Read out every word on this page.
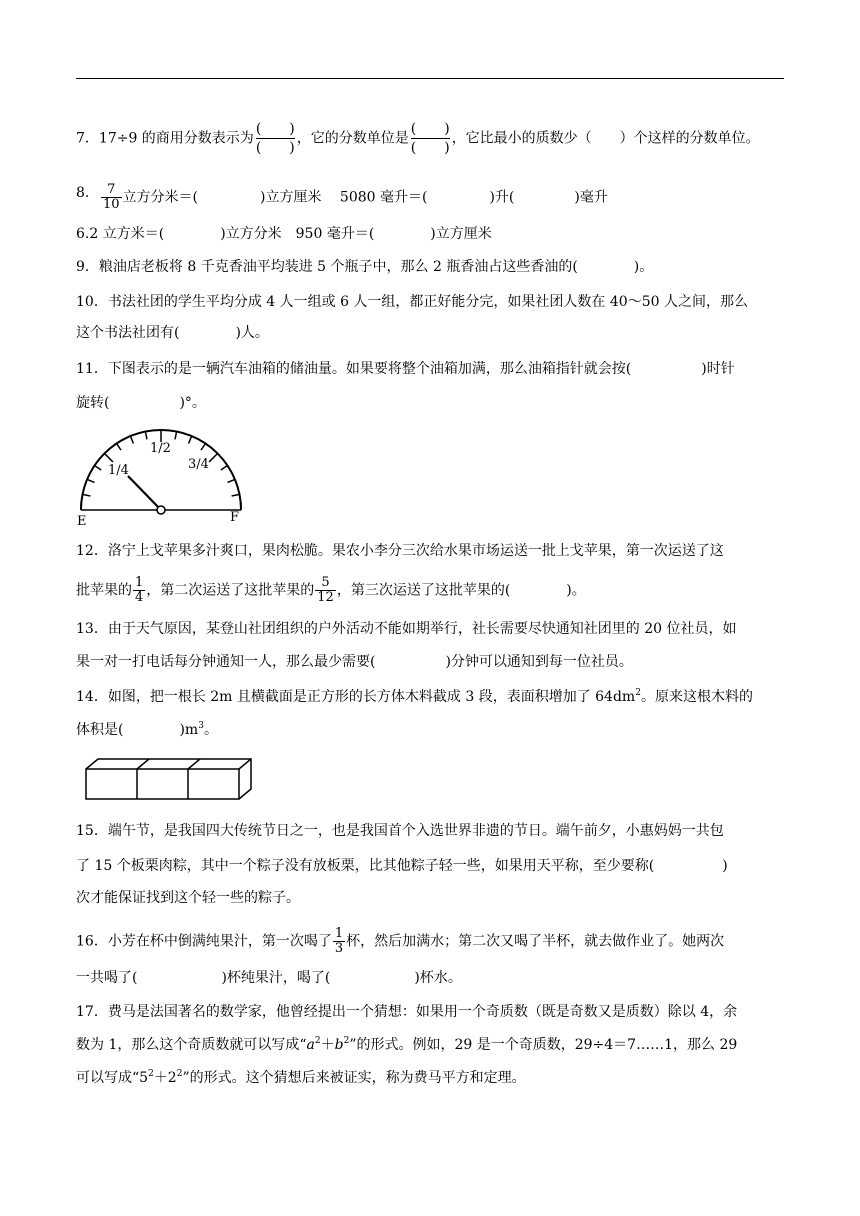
7．17÷9 的商用分数表示为 $\frac{( )}{( )}$ ，它的分数单位是 $\frac{( )}{( )}$ ，它比最小的质数少（　　）个这样的分数单位。
$\frac{7}{10}$ 立方分米＝(	)立方厘米　 5080 毫升＝(	)升(	)毫升
8．
6.2 立方米＝(	)立方分米　950 毫升＝(	)立方厘米
9．粮油店老板将 8 千克香油平均装进 5 个瓶子中，那么 2 瓶香油占这些香油的(　　　　)。
10．书法社团的学生平均分成 4 人一组或 6 人一组，都正好能分完，如果社团人数在 40～50 人之间，那么
这个书法社团有(　　　　)人。
11．下图表示的是一辆汽车油箱的储油量。如果要将整个油箱加满，那么油箱指针就会按(　　　　　)时针
旋转(　　　　　)°。
1/2
1/4	3/4
E	F
12．洛宁上戈苹果多汁爽口，果肉松脆。果农小李分三次给水果市场运送一批上戈苹果，第一次运送了这
批苹果的 $\frac{1}{4}$ ，第二次运送了这批苹果的 $\frac{5}{12}$ ，第三次运送了这批苹果的(　　　　)。
13．由于天气原因，某登山社团组织的户外活动不能如期举行，社长需要尽快通知社团里的 20 位社员，如
果一对一打电话每分钟通知一人，那么最少需要(　　　　　)分钟可以通知到每一位社员。
14．如图，把一根长 2m 且横截面是正方形的长方体木料截成 3 段，表面积增加了 $64dm^2$。原来这根木料的
体积是(　　　　)$m^3$。
15．端午节，是我国四大传统节日之一，也是我国首个入选世界非遗的节日。端午前夕，小惠妈妈一共包
了 15 个板栗肉粽，其中一个粽子没有放板栗，比其他粽子轻一些，如果用天平称，至少要称(	)
次才能保证找到这个轻一些的粽子。
16．小芳在杯中倒满纯果汁，第一次喝了 $\frac{1}{3}$ 杯，然后加满水；第二次又喝了半杯，就去做作业了。她两次
一共喝了(　　　　　　)杯纯果汁，喝了(　　　　　　)杯水。
17．费马是法国著名的数学家，他曾经提出一个猜想：如果用一个奇质数（既是奇数又是质数）除以 4，余
数为 1，那么这个奇质数就可以写成“$a^2+b^2$”的形式。例如，29 是一个奇质数，29÷4＝7……1，那么 29
可以写成“$5^2+2^2$”的形式。这个猜想后来被证实，称为费马平方和定理。
